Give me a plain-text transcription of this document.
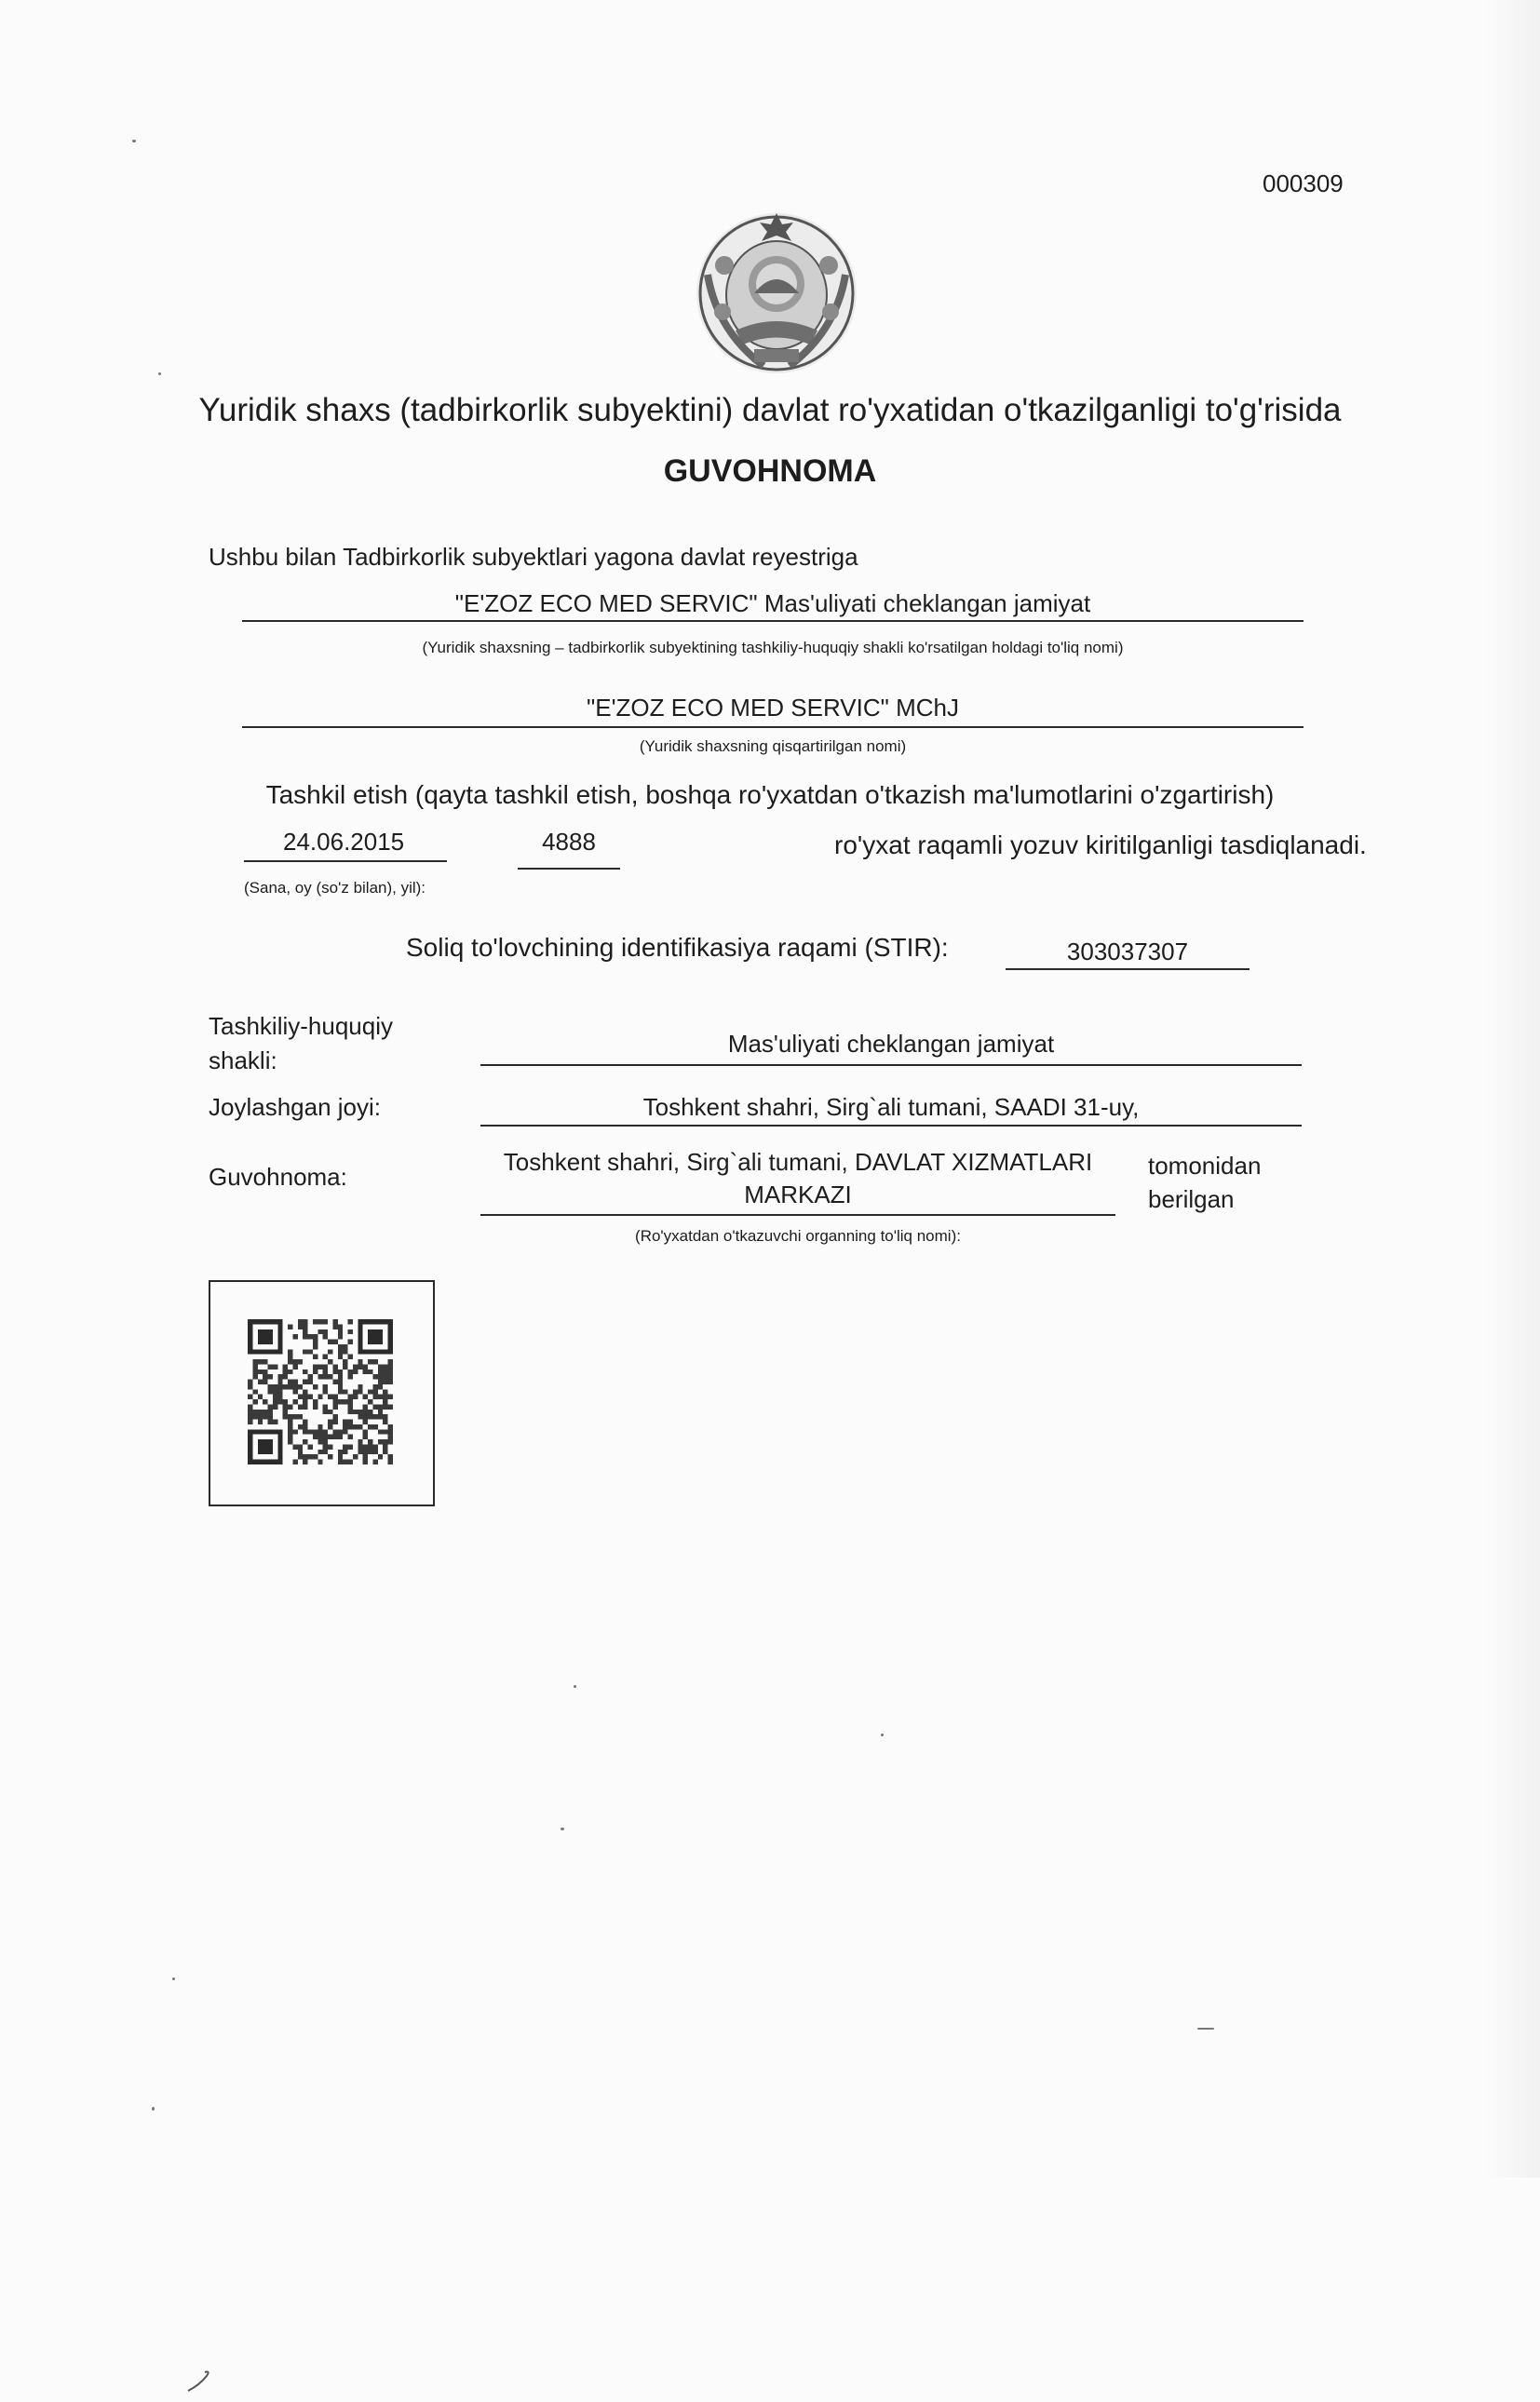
000309
Yuridik shaxs (tadbirkorlik subyektini) davlat ro'yxatidan o'tkazilganligi to'g'risida
GUVOHNOMA
Ushbu bilan Tadbirkorlik subyektlari yagona davlat reyestriga
"E'ZOZ ECO MED SERVIC" Mas'uliyati cheklangan jamiyat
(Yuridik shaxsning – tadbirkorlik subyektining tashkiliy-huquqiy shakli ko'rsatilgan holdagi to'liq nomi)
"E'ZOZ ECO MED SERVIC" MChJ
(Yuridik shaxsning qisqartirilgan nomi)
Tashkil etish (qayta tashkil etish, boshqa ro'yxatdan o'tkazish ma'lumotlarini o'zgartirish)
24.06.2015	4888	ro'yxat raqamli yozuv kiritilganligi tasdiqlanadi.
(Sana, oy (so'z bilan), yil):
Soliq to'lovchining identifikasiya raqami (STIR):	303037307
Tashkiliy-huquqiy
shakli:
Mas'uliyati cheklangan jamiyat
Joylashgan joyi:	Toshkent shahri, Sirg`ali tumani, SAADI 31-uy,
Guvohnoma:
Toshkent shahri, Sirg`ali tumani, DAVLAT XIZMATLARI
MARKAZI
tomonidan
berilgan
(Ro'yxatdan o'tkazuvchi organning to'liq nomi):
